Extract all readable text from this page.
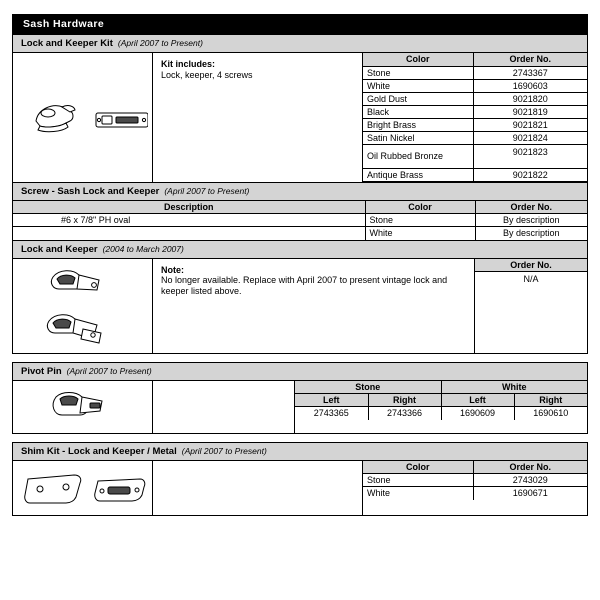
Sash Hardware
Lock and Keeper Kit (April 2007 to Present)
Kit includes:
Lock, keeper, 4 screws
Color	Order No.
Stone	2743367
White	1690603
Gold Dust	9021820
Black	9021819
Bright Brass	9021821
Satin Nickel	9021824
Oil Rubbed Bronze	9021823
Antique Brass	9021822
Screw - Sash Lock and Keeper (April 2007 to Present)
Description	Color	Order No.
#6 x 7/8" PH oval	Stone	By description
	White	By description
Lock and Keeper (2004 to March 2007)
Note:
No longer available. Replace with April 2007 to present vintage lock and keeper listed above.
Order No.
N/A
Pivot Pin (April 2007 to Present)
Stone		White	
Left	Right	Left	Right
2743365	2743366	1690609	1690610
Shim Kit - Lock and Keeper / Metal (April 2007 to Present)
Color	Order No.
Stone	2743029
White	1690671
